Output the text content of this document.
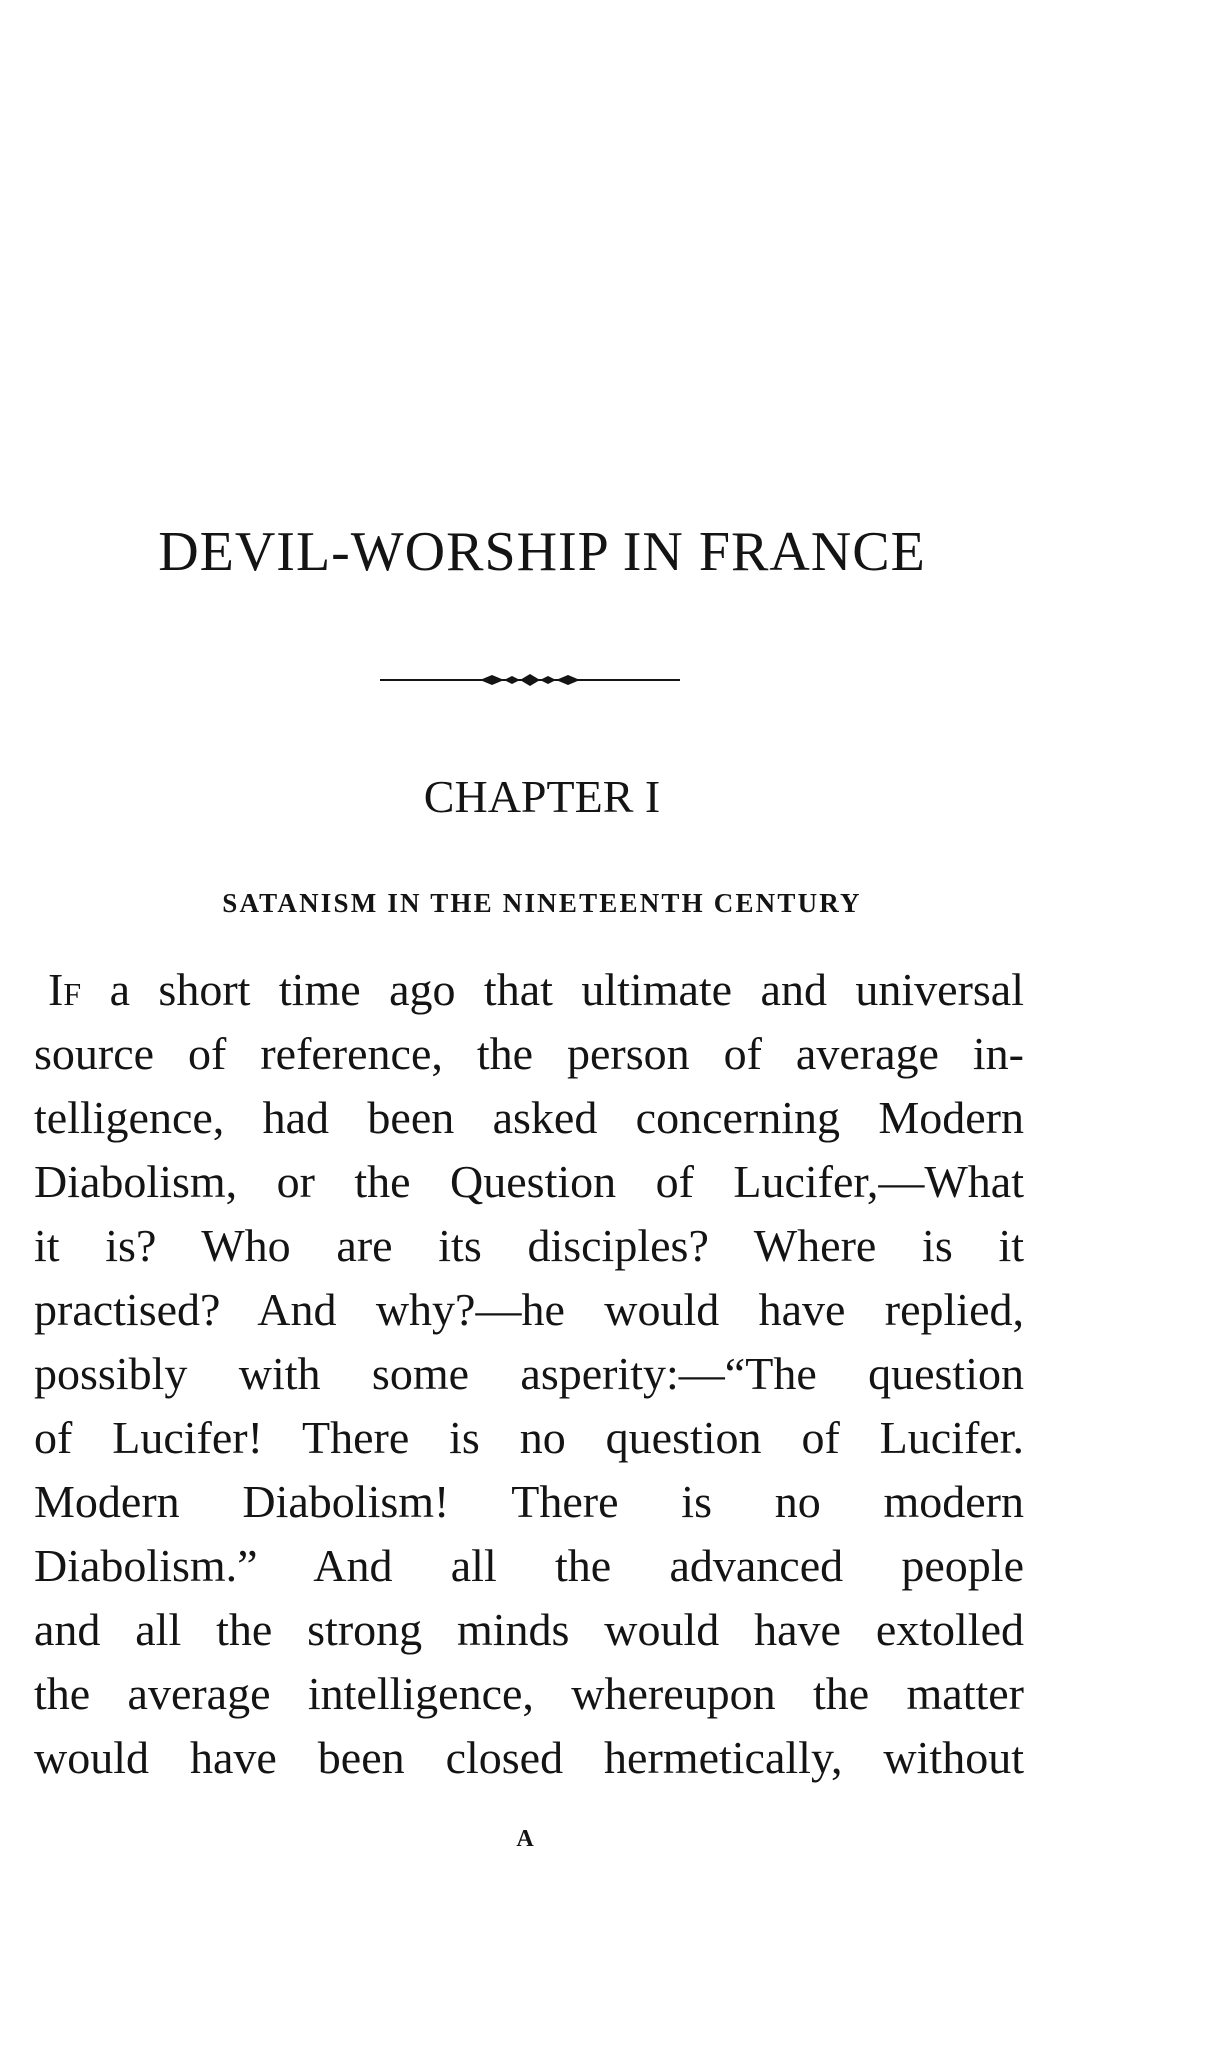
DEVIL-WORSHIP IN FRANCE
CHAPTER I
SATANISM IN THE NINETEENTH CENTURY
If a short time ago that ultimate and universal
source of reference, the person of average in-
telligence, had been asked concerning Modern
Diabolism, or the Question of Lucifer,—What
it is? Who are its disciples? Where is it
practised? And why?—he would have replied,
possibly with some asperity:—“The question
of Lucifer! There is no question of Lucifer.
Modern Diabolism! There is no modern
Diabolism.” And all the advanced people
and all the strong minds would have extolled
the average intelligence, whereupon the matter
would have been closed hermetically, without
A
